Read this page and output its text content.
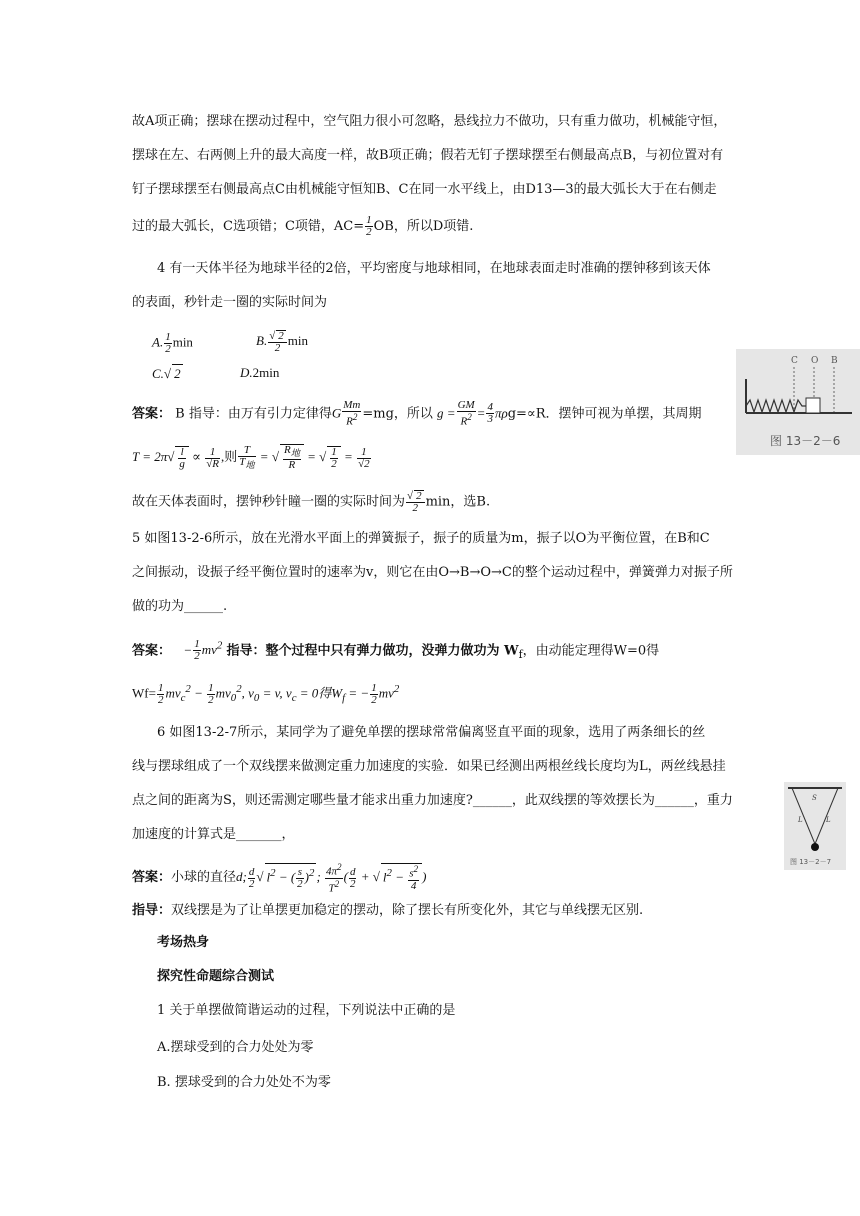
故A项正确；摆球在摆动过程中，空气阻力很小可忽略，悬线拉力不做功，只有重力做功，机械能守恒，
摆球在左、右两侧上升的最大高度一样，故B项正确；假若无钉子摆球摆至右侧最高点B，与初位置对有
钉子摆球摆至右侧最高点C由机械能守恒知B、C在同一水平线上，由D13—3的最大弧长大于在右侧走
过的最大弧长，C选项错；C项错，$AC= \frac{1}{2}$ OB，所以D项错.
4 有一天体半径为地球半径的2倍，平均密度与地球相同，在地球表面走时准确的摆钟移到该天体
的表面，秒针走一圈的实际时间为
A. $\frac{1}{2}$ min	B. $\frac{√ 2}{2}$ min
C.√ 2	D.2min
答案： B 指导：由万有引力定律得G $\frac{Mm}{R^2} =mg$，所以 $g = \frac{GM}{R^2} = \frac{4}{3} \pi\rho g=\propto R$．摆钟可视为单摆，其周期
$T = 2\pi√ \frac{l}{g} \propto \frac{1}{√R}$ ,则 $\frac{T}{T_地}$ = √ $\frac{R_地}{R}$ = √ $\frac{1}{2} = \frac{1}{√2}$
故在天体表面时，摆钟秒针瞳一圈的实际时间为 $\frac{√ 2}{2}$ min，选B.
5 如图13-2-6所示，放在光滑水平面上的弹簧振子，振子的质量为m，振子以O为平衡位置，在B和C
之间振动，设振子经平衡位置时的速率为v，则它在由O→B→O→C的整个运动过程中，弹簧弹力对振子所
做的功为______.
答案： − $\frac{1}{2} mv^2$ 指导：整个过程中只有弹力做功，没弹力做功为 $W_f$，由动能定理得W=0得
$Wf= \frac{1}{2} mv_c^2 - \frac{1}{2} mv_0^2$, $v_0 = v$, $v_c = 0$得$W_f$ = − $\frac{1}{2} mv^2$
6 如图13-2-7所示，某同学为了避免单摆的摆球常常偏离竖直平面的现象，选用了两条细长的丝
线与摆球组成了一个双线摆来做测定重力加速度的实验．如果已经测出两根丝线长度均为L，两丝线悬挂
点之间的距离为S，则还需测定哪些量才能求出重力加速度?______，此双线摆的等效摆长为______，重力
加速度的计算式是_______，
答案：小球的直径d; $\frac{d}{2}$ √ $l^2$ − ( $\frac{s}{2} )^2$ ; $\frac{4\pi^2}{T^2}$ ( $\frac{d}{2}$ + √ $l^2 - \frac{s^2}{4}$ )
指导：双线摆是为了让单摆更加稳定的摆动，除了摆长有所变化外，其它与单线摆无区别.
考场热身
探究性命题综合测试
1 关于单摆做简谐运动的过程，下列说法中正确的是
A.摆球受到的合力处处为零
B. 摆球受到的合力处处不为零
C O B
图 13－2－6
S
L	L
图 13－2－7
